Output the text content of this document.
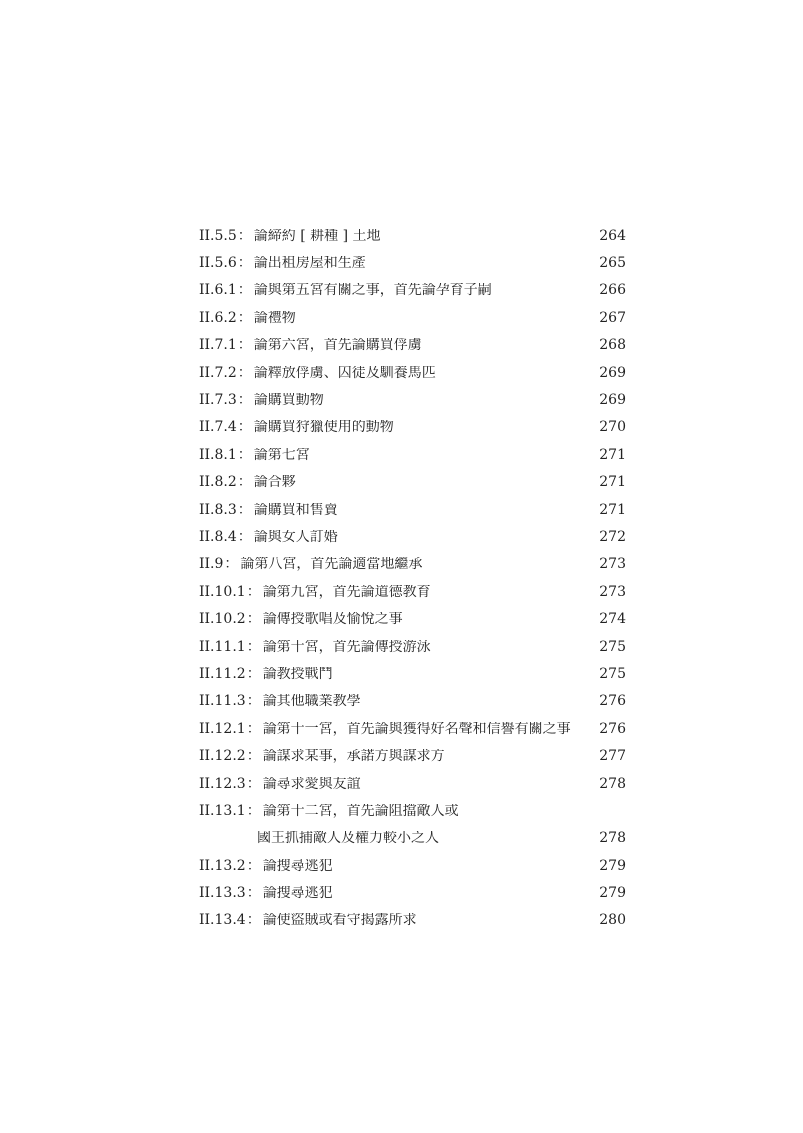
II.5.5 ： 論締約 [ 耕種 ] 土地	264
II.5.6 ： 論出租房屋和生產	265
II.6.1 ： 論與第五宮有關之事，首先論孕育子嗣	266
II.6.2 ： 論禮物	267
II.7.1 ： 論第六宮，首先論購買俘虜	268
II.7.2 ： 論釋放俘虜、囚徒及馴養馬匹	269
II.7.3 ： 論購買動物	269
II.7.4 ： 論購買狩獵使用的動物	270
II.8.1 ： 論第七宮	271
II.8.2 ： 論合夥	271
II.8.3 ： 論購買和售賣	271
II.8.4 ： 論與女人訂婚	272
II.9 ： 論第八宮，首先論適當地繼承	273
II.10.1 ： 論第九宮，首先論道德教育	273
II.10.2 ： 論傳授歌唱及愉悅之事	274
II.11.1 ： 論第十宮，首先論傳授游泳	275
II.11.2 ： 論教授戰鬥	275
II.11.3 ： 論其他職業教學	276
II.12.1 ： 論第十一宮，首先論與獲得好名聲和信譽有關之事	276
II.12.2 ： 論謀求某事，承諾方與謀求方	277
II.12.3 ： 論尋求愛與友誼	278
II.13.1 ： 論第十二宮，首先論阻擋敵人或
國王抓捕敵人及權力較小之人	278
II.13.2 ： 論搜尋逃犯	279
II.13.3 ： 論搜尋逃犯	279
II.13.4 ： 論使盜賊或看守揭露所求	280
